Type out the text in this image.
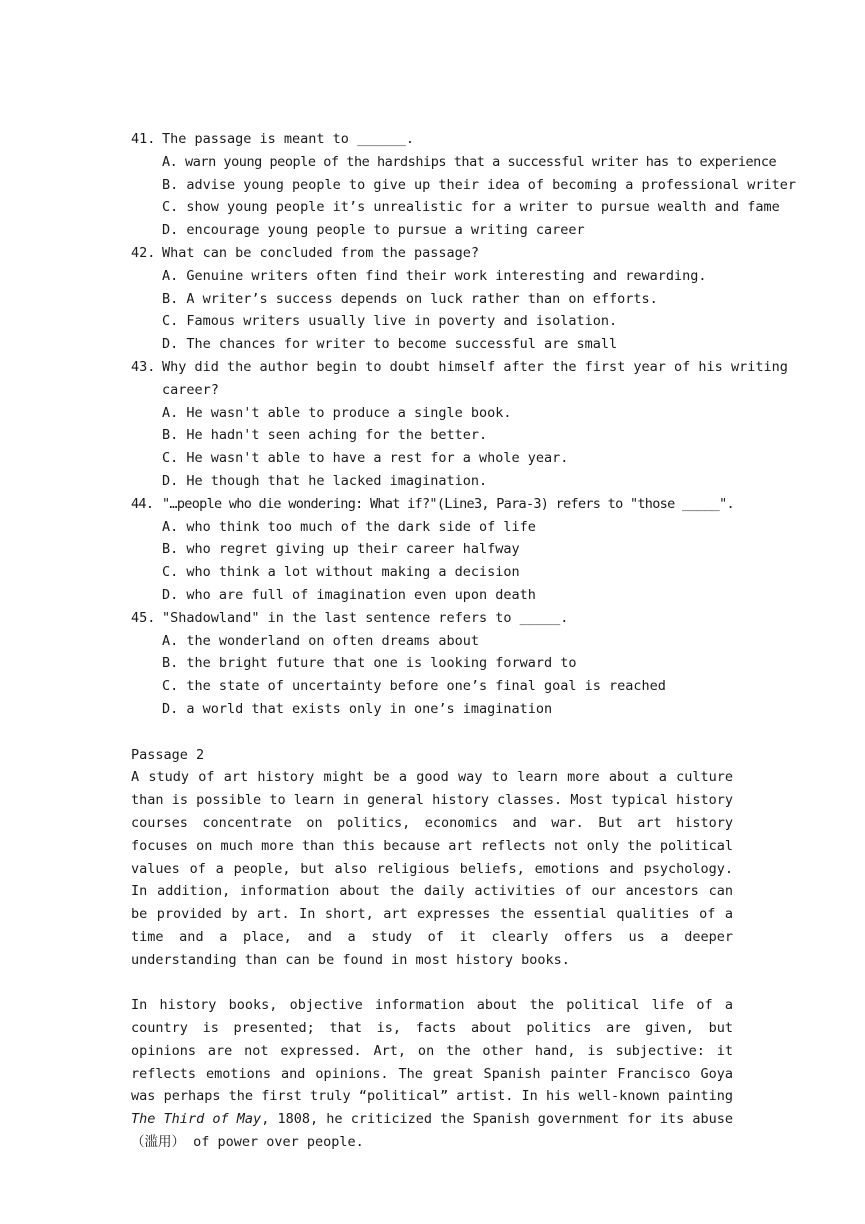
41. The passage is meant to ______.
A. warn young people of the hardships that a successful writer has to experience
B. advise young people to give up their idea of becoming a professional writer
C. show young people it’s unrealistic for a writer to pursue wealth and fame
D. encourage young people to pursue a writing career
42. What can be concluded from the passage?
A. Genuine writers often find their work interesting and rewarding.
B. A writer’s success depends on luck rather than on efforts.
C. Famous writers usually live in poverty and isolation.
D. The chances for writer to become successful are small
43. Why did the author begin to doubt himself after the first year of his writing
career?
A. He wasn't able to produce a single book.
B. He hadn't seen aching for the better.
C. He wasn't able to have a rest for a whole year.
D. He though that he lacked imagination.
44. "…people who die wondering: What if?"(Line3, Para-3) refers to "those _____".
A. who think too much of the dark side of life
B. who regret giving up their career halfway
C. who think a lot without making a decision
D. who are full of imagination even upon death
45. "Shadowland" in the last sentence refers to _____.
A. the wonderland on often dreams about
B. the bright future that one is looking forward to
C. the state of uncertainty before one’s final goal is reached
D. a world that exists only in one’s imagination
Passage 2

A study of art history might be a good way to learn more about a culture than is possible to learn in general history classes. Most typical history courses concentrate on politics, economics and war. But art history focuses on much more than this because art reflects not only the political values of a people, but also religious beliefs, emotions and psychology. In addition, information about the daily activities of our ancestors can be provided by art. In short, art expresses the essential qualities of a time and a place, and a study of it clearly offers us a deeper understanding than can be found in most history books.

In history books, objective information about the political life of a country is presented; that is, facts about politics are given, but opinions are not expressed. Art, on the other hand, is subjective: it reflects emotions and opinions. The great Spanish painter Francisco Goya was perhaps the first truly “political” artist. In his well-known painting The Third of May, 1808, he criticized the Spanish government for its abuse （滥用） of power over people.
